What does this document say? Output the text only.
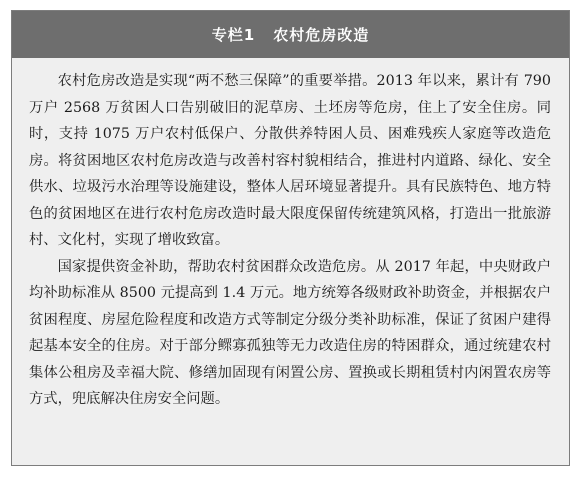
专栏1 农村危房改造

农村危房改造是实现“两不愁三保障”的重要举措。2013 年以来，累计有 790 万户 2568 万贫困人口告别破旧的泥草房、土坯房等危房，住上了安全住房。同时，支持 1075 万户农村低保户、分散供养特困人员、困难残疾人家庭等改造危房。将贫困地区农村危房改造与改善村容村貌相结合，推进村内道路、绿化、安全供水、垃圾污水治理等设施建设，整体人居环境显著提升。具有民族特色、地方特色的贫困地区在进行农村危房改造时最大限度保留传统建筑风格，打造出一批旅游村、文化村，实现了增收致富。

国家提供资金补助，帮助农村贫困群众改造危房。从 2017 年起，中央财政户均补助标准从 8500 元提高到 1.4 万元。地方统筹各级财政补助资金，并根据农户贫困程度、房屋危险程度和改造方式等制定分级分类补助标准，保证了贫困户建得起基本安全的住房。对于部分鳏寡孤独等无力改造住房的特困群众，通过统建农村集体公租房及幸福大院、修缮加固现有闲置公房、置换或长期租赁村内闲置农房等方式，兜底解决住房安全问题。
